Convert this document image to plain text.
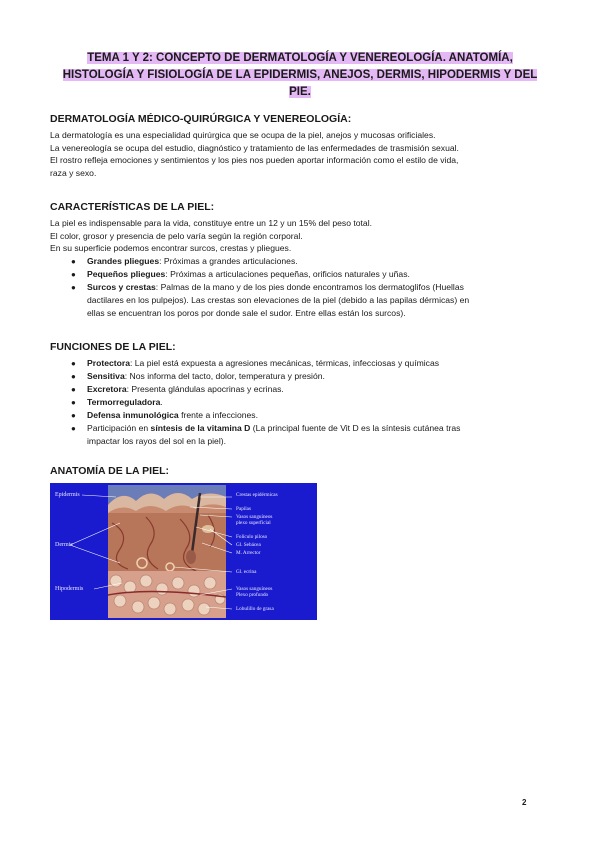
TEMA 1 Y 2: CONCEPTO DE DERMATOLOGÍA Y VENEREOLOGÍA. ANATOMÍA,
HISTOLOGÍA Y FISIOLOGÍA DE LA EPIDERMIS, ANEJOS, DERMIS, HIPODERMIS Y DEL
PIE.
DERMATOLOGÍA MÉDICO-QUIRÚRGICA Y VENEREOLOGÍA:

La dermatología es una especialidad quirúrgica que se ocupa de la piel, anejos y mucosas orificiales.

La venereología se ocupa del estudio, diagnóstico y tratamiento de las enfermedades de trasmisión sexual.

El rostro refleja emociones y sentimientos y los pies nos pueden aportar información como el estilo de vida,

raza y sexo.

CARACTERÍSTICAS DE LA PIEL:

La piel es indispensable para la vida, constituye entre un 12 y un 15% del peso total.

El color, grosor y presencia de pelo varía según la región corporal.

En su superficie podemos encontrar surcos, crestas y pliegues.

● Grandes pliegues: Próximas a grandes articulaciones.
● Pequeños pliegues: Próximas a articulaciones pequeñas, orificios naturales y uñas.
● Surcos y crestas: Palmas de la mano y de los pies donde encontramos los dermatoglifos (Huellas
dactilares en los pulpejos). Las crestas son elevaciones de la piel (debido a las papilas dérmicas) en
ellas se encuentran los poros por donde sale el sudor. Entre ellas están los surcos).
FUNCIONES DE LA PIEL:
● Protectora: La piel está expuesta a agresiones mecánicas, térmicas, infecciosas y químicas
● Sensitiva: Nos informa del tacto, dolor, temperatura y presión.
● Excretora: Presenta glándulas apocrinas y ecrinas.
● Termorreguladora.
● Defensa inmunológica frente a infecciones.
● Participación en síntesis de la vitamina D (La principal fuente de Vit D es la síntesis cutánea tras
impactar los rayos del sol en la piel).
ANATOMÍA DE LA PIEL:
Epidermis
Dermis
Hipodermis
Crestas epidérmicas
Papilas
Vasos sanguíneos
plexo superficial
Folículo piloso
Gl. Sebácea
M. Arrector
Gl. ecrina
Vasos sanguíneos
Plexo profundo
Lobulillo de grasa
2
